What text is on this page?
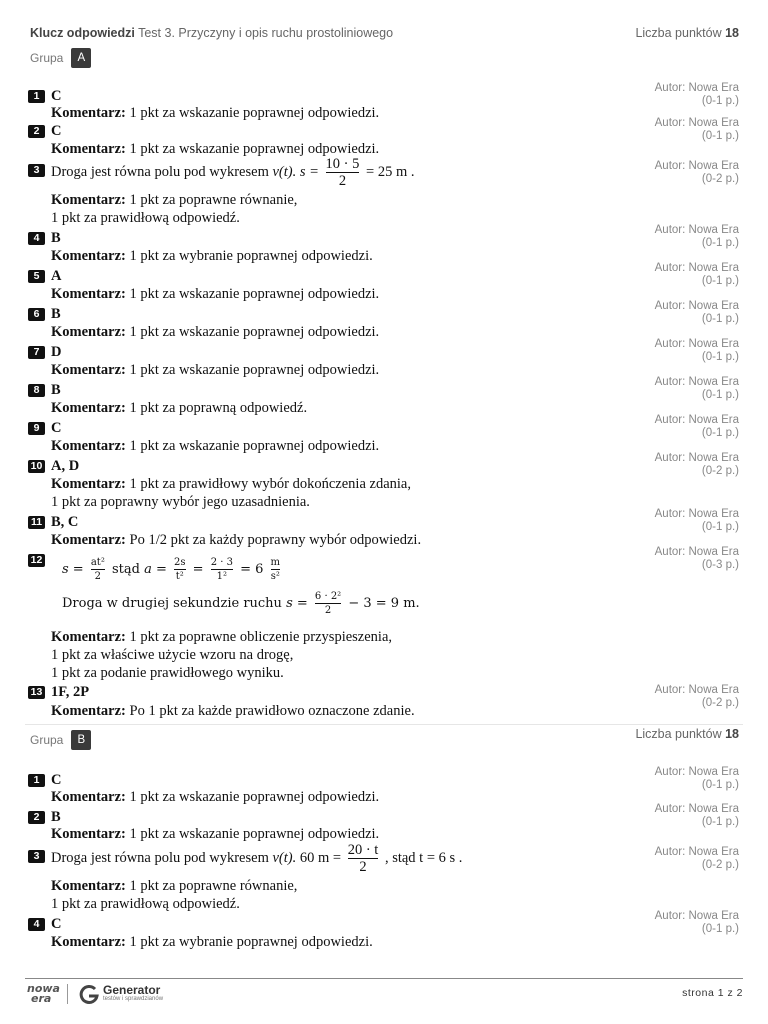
Klucz odpowiedzi Test 3. Przyczyny i opis ruchu prostoliniowego	Liczba punktów 18
Grupa	A
1 C	Autor: Nowa Era
(0-1 p.)
Komentarz: 1 pkt za wskazanie poprawnej odpowiedzi.
2 C	Autor: Nowa Era
(0-1 p.)
Komentarz: 1 pkt za wskazanie poprawnej odpowiedzi.
3 Droga jest równa polu pod wykresem v(t). $s = \frac{10 \cdot 5}{2} = 25$ m .	Autor: Nowa Era
(0-2 p.)
Komentarz: 1 pkt za poprawne równanie,
1 pkt za prawidłową odpowiedź.
4 B	Autor: Nowa Era
(0-1 p.)
Komentarz: 1 pkt za wybranie poprawnej odpowiedzi.
5 A	Autor: Nowa Era
(0-1 p.)
Komentarz: 1 pkt za wskazanie poprawnej odpowiedzi.
6 B	Autor: Nowa Era
(0-1 p.)
Komentarz: 1 pkt za wskazanie poprawnej odpowiedzi.
7 D	Autor: Nowa Era
(0-1 p.)
Komentarz: 1 pkt za wskazanie poprawnej odpowiedzi.
8 B	Autor: Nowa Era
(0-1 p.)
Komentarz: 1 pkt za poprawną odpowiedź.
9 C	Autor: Nowa Era
(0-1 p.)
Komentarz: 1 pkt za wskazanie poprawnej odpowiedzi.
10 A, D	Autor: Nowa Era
(0-2 p.)
Komentarz: 1 pkt za prawidłowy wybór dokończenia zdania,
1 pkt za poprawny wybór jego uzasadnienia.
11 B, C	Autor: Nowa Era
(0-1 p.)
Komentarz: Po 1/2 pkt za każdy poprawny wybór odpowiedzi.
12
Autor: Nowa Era
(0-3 p.)
$s = \frac{\text{at²}}{2}$ stąd $a = \frac{2s}{\text{t²}} = \frac{2 \cdot 3}{\text{1²}} = 6 \frac{m}{\text{s²}}$
Droga w drugiej sekundzie ruchu $s = \frac{\text{6 · 2²}}{2} - 3 = 9$ m.
Komentarz: 1 pkt za poprawne obliczenie przyspieszenia,
1 pkt za właściwe użycie wzoru na drogę,
1 pkt za podanie prawidłowego wyniku.
13 1F, 2P	Autor: Nowa Era
(0-2 p.)
Komentarz: Po 1 pkt za każde prawidłowo oznaczone zdanie.
Grupa	B	Liczba punktów 18
1 C	Autor: Nowa Era
(0-1 p.)
Komentarz: 1 pkt za wskazanie poprawnej odpowiedzi.
2 B	Autor: Nowa Era
(0-1 p.)
Komentarz: 1 pkt za wskazanie poprawnej odpowiedzi.
3 Droga jest równa polu pod wykresem v(t). 60 $m = \frac{20 \cdot t}{2}$ , stąd t = 6 s .	Autor: Nowa Era
(0-2 p.)
Komentarz: 1 pkt za poprawne równanie,
1 pkt za prawidłową odpowiedź.
4 C	Autor: Nowa Era
(0-1 p.)
Komentarz: 1 pkt za wybranie poprawnej odpowiedzi.
nowa
era
Generator
testów i sprawdzianów	strona 1 z 2
